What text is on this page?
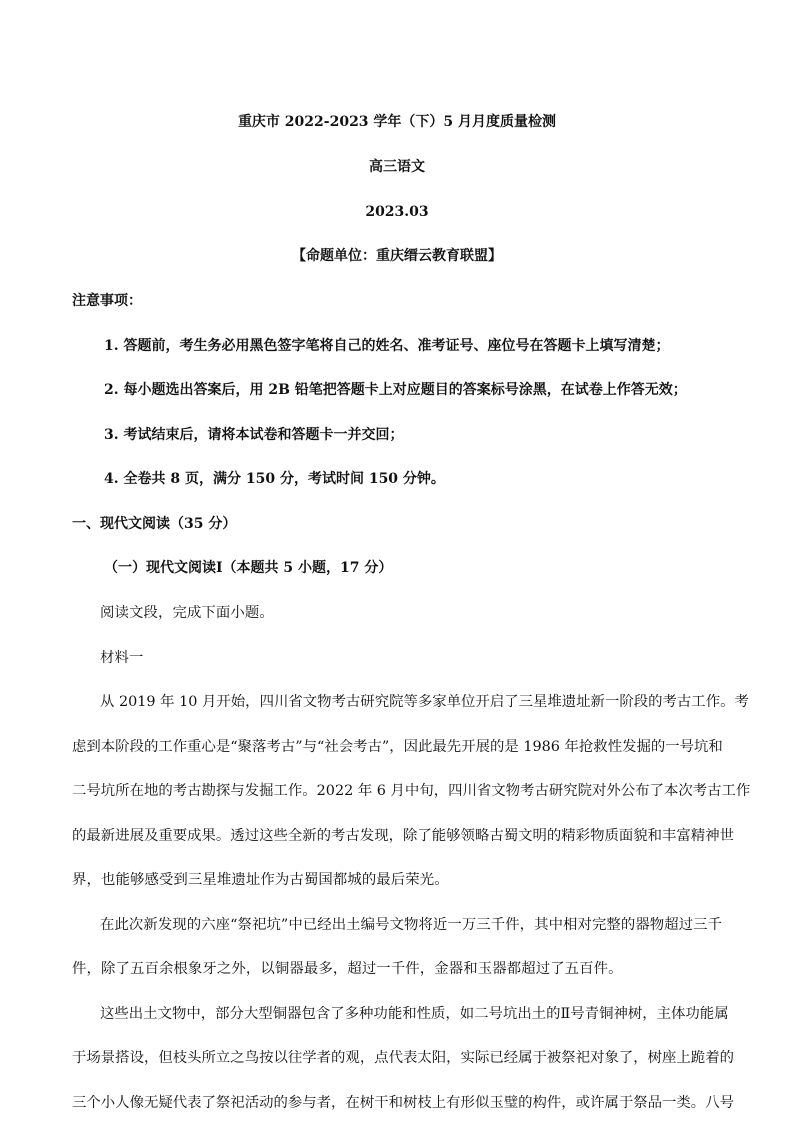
重庆市 2022-2023 学年（下）5 月月度质量检测
高三语文
2023.03
【命题单位：重庆缙云教育联盟】
注意事项：
1. 答题前，考生务必用黑色签字笔将自己的姓名、准考证号、座位号在答题卡上填写清楚；
2. 每小题选出答案后，用 2B 铅笔把答题卡上对应题目的答案标号涂黑，在试卷上作答无效；
3. 考试结束后，请将本试卷和答题卡一并交回；
4. 全卷共 8 页，满分 150 分，考试时间 150 分钟。
一、现代文阅读（35 分）
（一）现代文阅读Ⅰ（本题共 5 小题，17 分）
阅读文段，完成下面小题。
材料一
从 2019 年 10 月开始，四川省文物考古研究院等多家单位开启了三星堆遗址新一阶段的考古工作。考
虑到本阶段的工作重心是“聚落考古”与“社会考古”，因此最先开展的是 1986 年抢救性发掘的一号坑和
二号坑所在地的考古勘探与发掘工作。2022 年 6 月中旬，四川省文物考古研究院对外公布了本次考古工作
的最新进展及重要成果。透过这些全新的考古发现，除了能够领略古蜀文明的精彩物质面貌和丰富精神世
界，也能够感受到三星堆遗址作为古蜀国都城的最后荣光。
在此次新发现的六座“祭祀坑”中已经出土编号文物将近一万三千件，其中相对完整的器物超过三千
件，除了五百余根象牙之外，以铜器最多，超过一千件，金器和玉器都超过了五百件。
这些出土文物中，部分大型铜器包含了多种功能和性质，如二号坑出土的Ⅱ号青铜神树，主体功能属
于场景搭设，但枝头所立之鸟按以往学者的观，点代表太阳，实际已经属于被祭祀对象了，树座上跪着的
三个小人像无疑代表了祭祀活动的参与者，在树干和树枝上有形似玉璧的构件，或许属于祭品一类。八号
